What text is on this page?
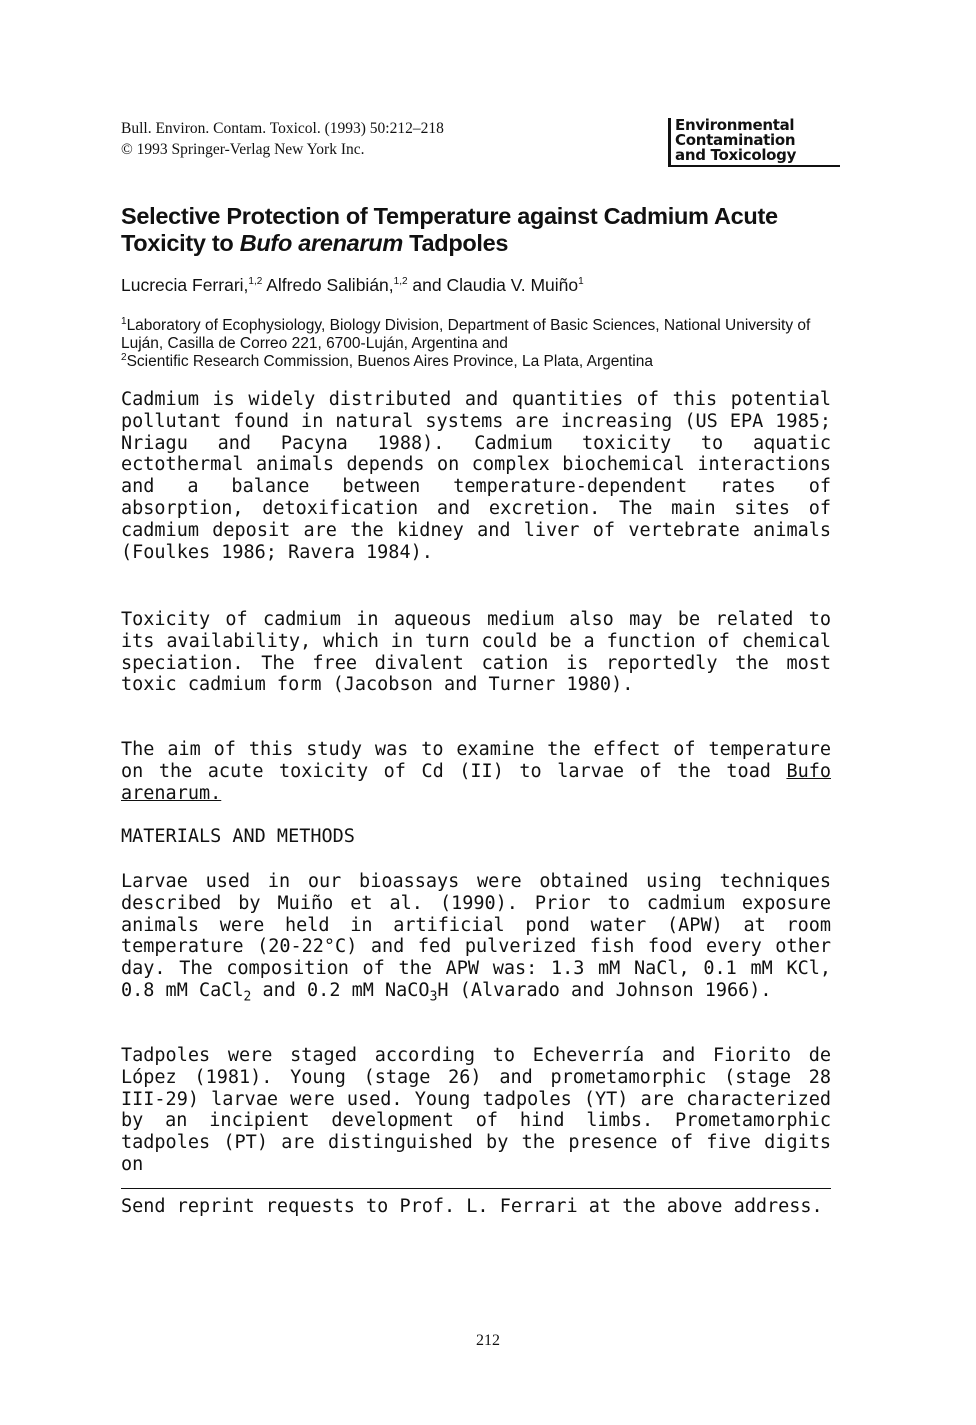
Bull. Environ. Contam. Toxicol. (1993) 50:212–218
© 1993 Springer-Verlag New York Inc.
Environmental
Contamination
and Toxicology
Selective Protection of Temperature against Cadmium Acute Toxicity to Bufo arenarum Tadpoles
Lucrecia Ferrari,$^{1,2}$ Alfredo Salibián,$^{1,2}$ and Claudia V. Muiño$^1$
$^1$Laboratory of Ecophysiology, Biology Division, Department of Basic Sciences, National University of Luján, Casilla de Correo 221, 6700-Luján, Argentina and
$^2$Scientific Research Commission, Buenos Aires Province, La Plata, Argentina
Cadmium is widely distributed and quantities of this potential pollutant found in natural systems are increasing (US EPA 1985; Nriagu and Pacyna 1988). Cadmium toxicity to aquatic ectothermal animals depends on complex biochemical interactions and a balance between temperature-dependent rates of absorption, detoxification and excretion. The main sites of cadmium deposit are the kidney and liver of vertebrate animals (Foulkes 1986; Ravera 1984).
Toxicity of cadmium in aqueous medium also may be related to its availability, which in turn could be a function of chemical speciation. The free divalent cation is reportedly the most toxic cadmium form (Jacobson and Turner 1980).
The aim of this study was to examine the effect of temperature on the acute toxicity of Cd (II) to larvae of the toad Bufo arenarum.
MATERIALS AND METHODS
Larvae used in our bioassays were obtained using techniques described by Muiño et al. (1990). Prior to cadmium exposure animals were held in artificial pond water (APW) at room temperature (20-22°C) and fed pulverized fish food every other day. The composition of the APW was: 1.3 mM NaCl, 0.1 mM KCl, 0.8 mM CaCl$_2$ and 0.2 mM NaCO$_3$H (Alvarado and Johnson 1966).
Tadpoles were staged according to Echeverría and Fiorito de López (1981). Young (stage 26) and prometamorphic (stage 28 III-29) larvae were used. Young tadpoles (YT) are characterized by an incipient development of hind limbs. Prometamorphic tadpoles (PT) are distinguished by the presence of five digits on
Send reprint requests to Prof. L. Ferrari at the above address.
212
